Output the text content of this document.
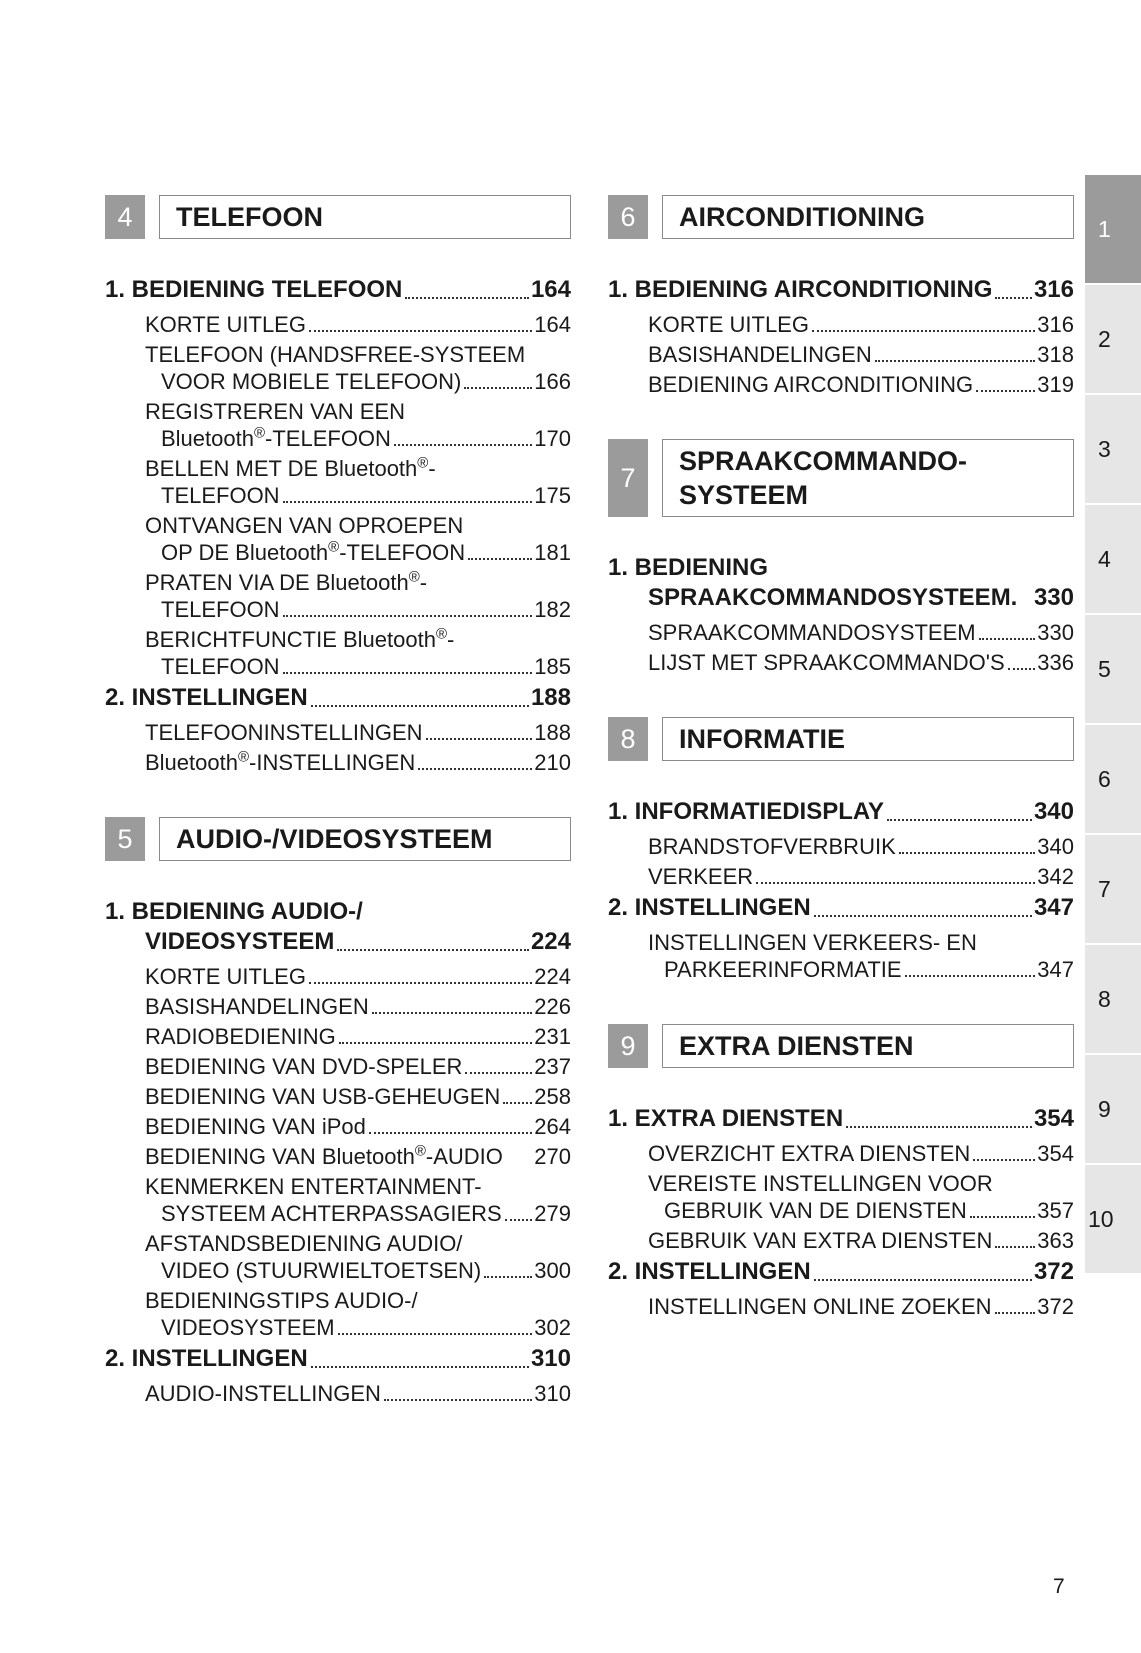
4	TELEFOON
1. BEDIENING TELEFOON	164
KORTE UITLEG	164
TELEFOON (HANDSFREE-SYSTEEM
VOOR MOBIELE TELEFOON)	166
REGISTREREN VAN EEN
Bluetooth®-TELEFOON	170
BELLEN MET DE Bluetooth®-
TELEFOON	175
ONTVANGEN VAN OPROEPEN
OP DE Bluetooth®-TELEFOON	181
PRATEN VIA DE Bluetooth®-
TELEFOON	182
BERICHTFUNCTIE Bluetooth®-
TELEFOON	185
2. INSTELLINGEN	188
TELEFOONINSTELLINGEN	188
Bluetooth®-INSTELLINGEN	210
5	AUDIO-/VIDEOSYSTEEM
1. BEDIENING AUDIO-/
VIDEOSYSTEEM	224
KORTE UITLEG	224
BASISHANDELINGEN	226
RADIOBEDIENING	231
BEDIENING VAN DVD-SPELER	237
BEDIENING VAN USB-GEHEUGEN 258
BEDIENING VAN iPod	264
BEDIENING VAN Bluetooth®-AUDIO 270
KENMERKEN ENTERTAINMENT-
SYSTEEM ACHTERPASSAGIERS 279
AFSTANDSBEDIENING AUDIO/
VIDEO (STUURWIELTOETSEN) 300
BEDIENINGSTIPS AUDIO-/
VIDEOSYSTEEM	302
2. INSTELLINGEN	310
AUDIO-INSTELLINGEN	310
6	AIRCONDITIONING
1. BEDIENING AIRCONDITIONING 316
KORTE UITLEG	316
BASISHANDELINGEN	318
BEDIENING AIRCONDITIONING	319
7
SPRAAKCOMMANDO-
SYSTEEM
1. BEDIENING
SPRAAKCOMMANDOSYSTEEM. 330
SPRAAKCOMMANDOSYSTEEM	330
LIJST MET SPRAAKCOMMANDO'S 336
8	INFORMATIE
1. INFORMATIEDISPLAY	340
BRANDSTOFVERBRUIK	340
VERKEER	342
2. INSTELLINGEN	347
INSTELLINGEN VERKEERS- EN
PARKEERINFORMATIE	347
9	EXTRA DIENSTEN
1. EXTRA DIENSTEN	354
OVERZICHT EXTRA DIENSTEN	354
VEREISTE INSTELLINGEN VOOR
GEBRUIK VAN DE DIENSTEN	357
GEBRUIK VAN EXTRA DIENSTEN 363
2. INSTELLINGEN	372
INSTELLINGEN ONLINE ZOEKEN 372
1
2
3
4
5
6
7
8
9
10
7
